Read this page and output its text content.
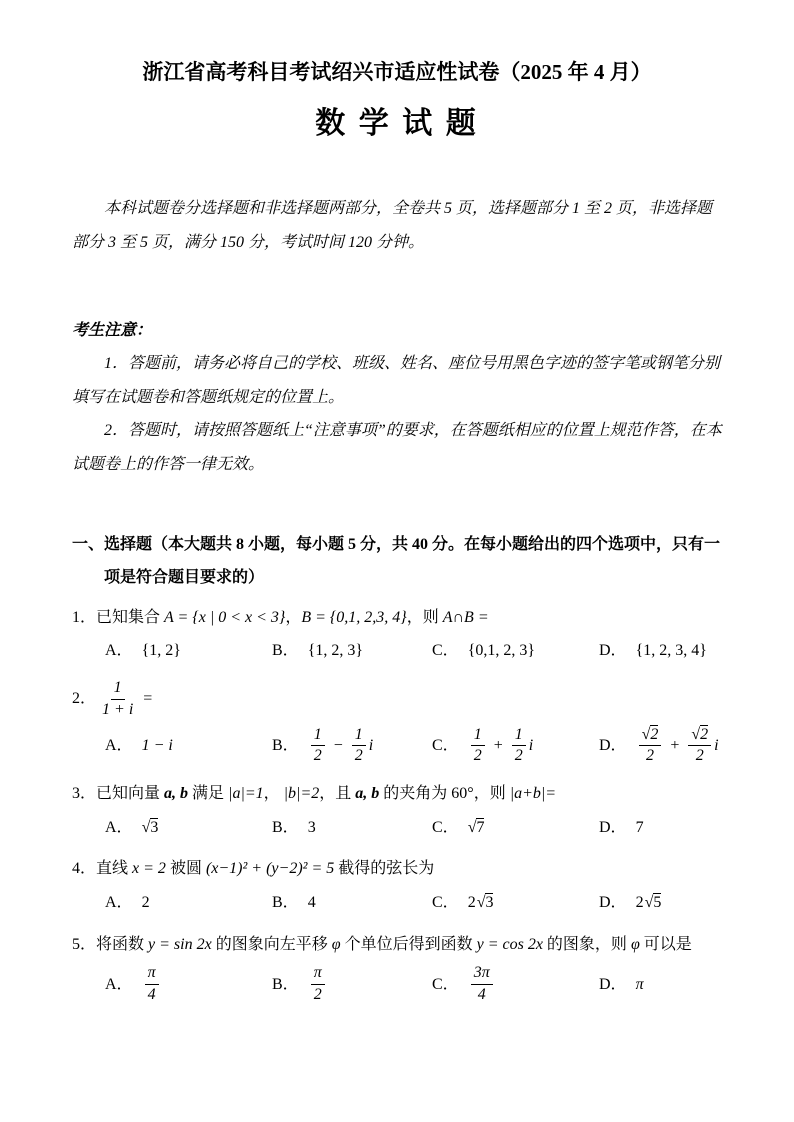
浙江省高考科目考试绍兴市适应性试卷（2025 年 4 月）
数 学 试 题

本科试题卷分选择题和非选择题两部分，全卷共 5 页，选择题部分 1 至 2 页，非选择题部分 3 至 5 页，满分 150 分，考试时间 120 分钟。

考生注意：

1．答题前，请务必将自己的学校、班级、姓名、座位号用黑色字迹的签字笔或钢笔分别填写在试题卷和答题纸规定的位置上。

2．答题时，请按照答题纸上“注意事项”的要求，在答题纸相应的位置上规范作答，在本试题卷上的作答一律无效。

一、选择题（本大题共 8 小题，每小题 5 分，共 40 分。在每小题给出的四个选项中，只有一项是符合题目要求的）
1．已知集合 A = {x | 0 < x < 3}，B = {0,1, 2,3, 4}，则 A∩B =
A． {1, 2}	B． {1, 2, 3}	C． {0,1, 2, 3}	D． {1, 2, 3, 4}
2． $\frac{1}{1 + i}$ =
A． 1 − i	B． $\frac{1}{2} - \frac{1}{2}$ i	C． $\frac{1}{2} + \frac{1}{2}$ i	D． $\frac{√2}{2} + \frac{√2}{2}$ i
3．已知向量 a, b 满足 |a|=1， |b|=2，且 a, b 的夹角为 60°，则 |a+b|=
A． √3	B． 3	C． √7	D． 7
4．直线 x = 2 被圆 (x−1)² + (y−2)² = 5 截得的弦长为
A． 2	B． 4	C． 2√3	D． 2√5
5．将函数 y = sin 2x 的图象向左平移 φ 个单位后得到函数 y = cos 2x 的图象，则 φ 可以是
A． $\frac{\pi}{4}$	B． $\frac{\pi}{2}$	C． $\frac{3\pi}{4}$	D． π
